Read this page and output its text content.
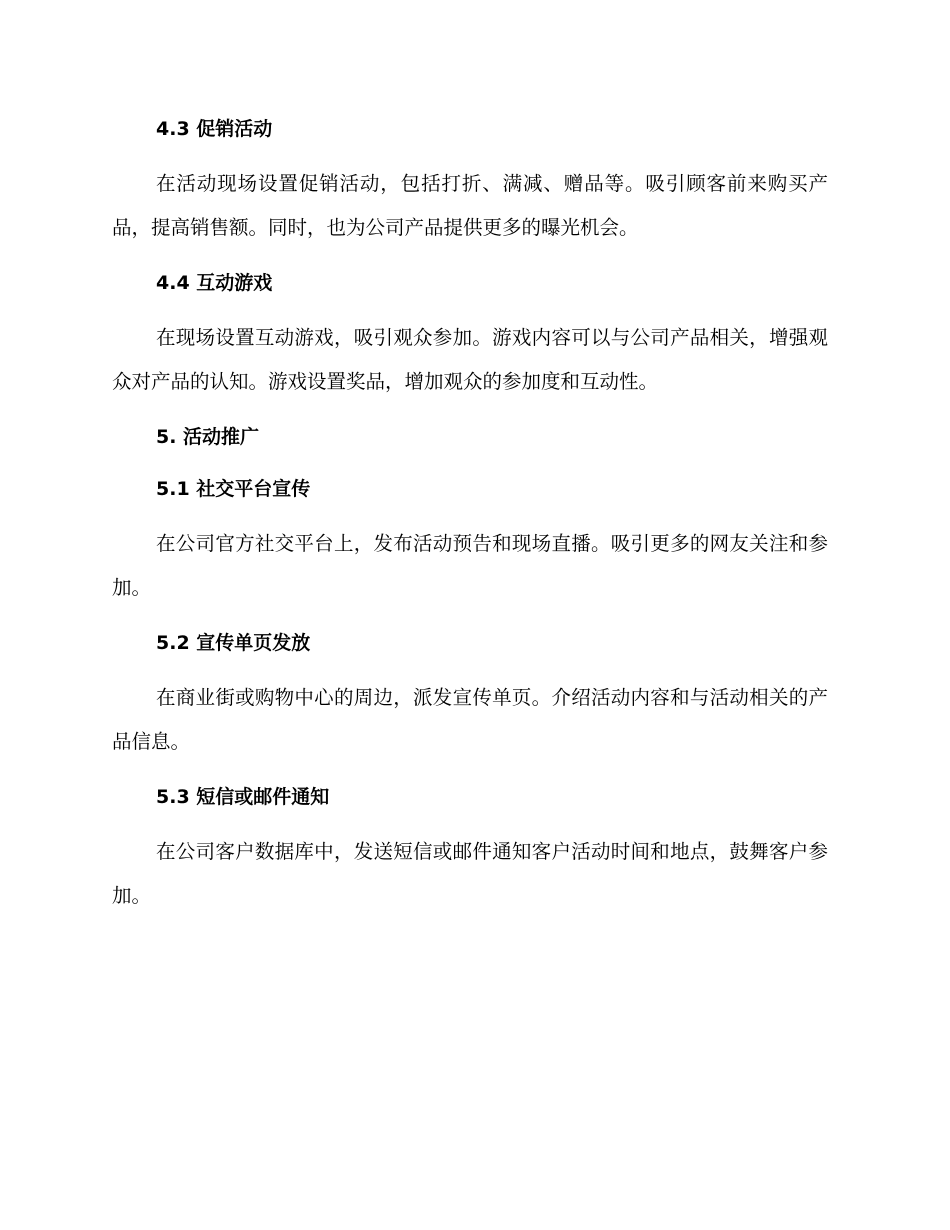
4.3 促销活动

在活动现场设置促销活动，包括打折、满减、赠品等。吸引顾客前来购买产品，提高销售额。同时，也为公司产品提供更多的曝光机会。

4.4 互动游戏

在现场设置互动游戏，吸引观众参加。游戏内容可以与公司产品相关，增强观众对产品的认知。游戏设置奖品，增加观众的参加度和互动性。

5. 活动推广
5.1 社交平台宣传

在公司官方社交平台上，发布活动预告和现场直播。吸引更多的网友关注和参加。

5.2 宣传单页发放

在商业街或购物中心的周边，派发宣传单页。介绍活动内容和与活动相关的产品信息。

5.3 短信或邮件通知

在公司客户数据库中，发送短信或邮件通知客户活动时间和地点，鼓舞客户参加。
